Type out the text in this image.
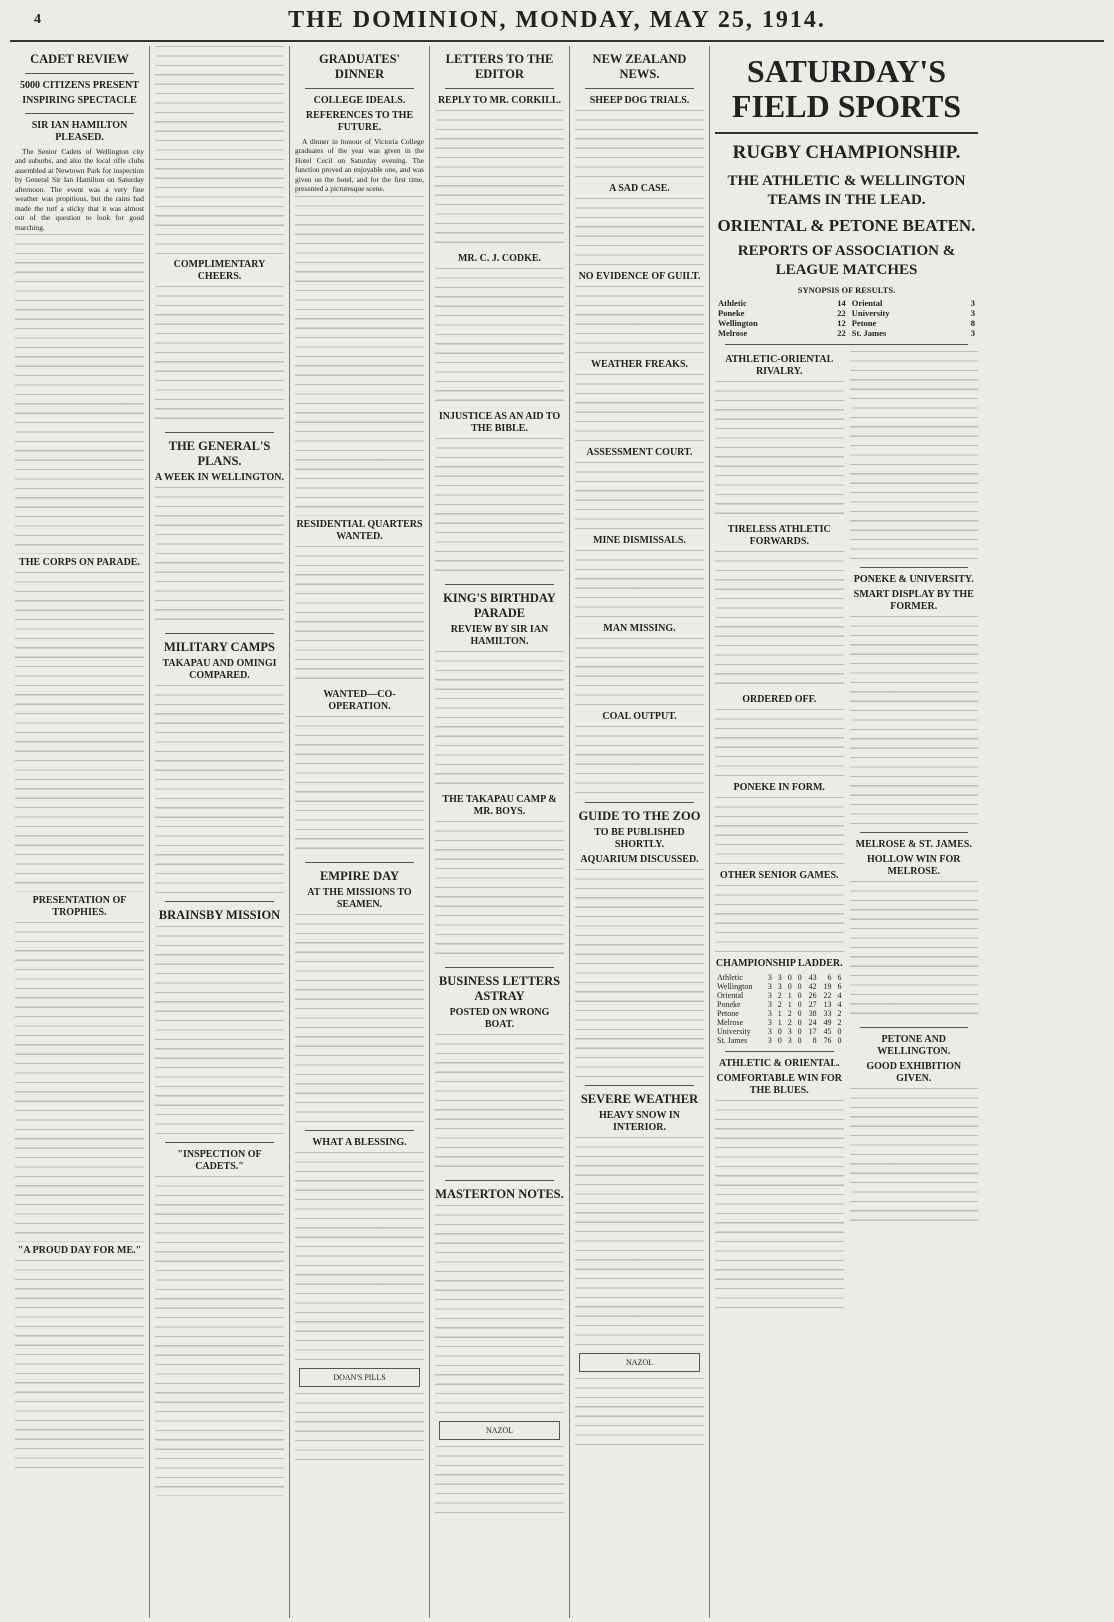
4	THE DOMINION, MONDAY, MAY 25, 1914.
CADET REVIEW
5000 CITIZENS PRESENT
INSPIRING SPECTACLE
SIR IAN HAMILTON PLEASED.

The Senior Cadets of Wellington city and suburbs, and also the local rifle clubs assembled at Newtown Park for inspection by General Sir Ian Hamilton on Saturday afternoon. The event was a very fine weather was propitious, but the rains had made the turf a sticky that it was almost out of the question to look for good marching.

THE CORPS ON PARADE.
PRESENTATION OF TROPHIES.
"A PROUD DAY FOR ME."
COMPLIMENTARY CHEERS.
THE GENERAL'S PLANS.
A WEEK IN WELLINGTON.
MILITARY CAMPS
TAKAPAU AND OMINGI COMPARED.
BRAINSBY MISSION
"INSPECTION OF CADETS."
GRADUATES' DINNER
COLLEGE IDEALS.
REFERENCES TO THE FUTURE.

A dinner in honour of Victoria College graduates of the year was given in the Hotel Cecil on Saturday evening. The function proved an enjoyable one, and was given on the hotel, and for the first time, presented a picturesque scene.

RESIDENTIAL QUARTERS WANTED.
WANTED—CO-OPERATION.
EMPIRE DAY
AT THE MISSIONS TO SEAMEN.
WHAT A BLESSING.
DOAN'S PILLS
LETTERS TO THE EDITOR
REPLY TO MR. CORKILL.
MR. C. J. CODKE.
INJUSTICE AS AN AID TO THE BIBLE.
KING'S BIRTHDAY PARADE
REVIEW BY SIR IAN HAMILTON.
THE TAKAPAU CAMP & MR. BOYS.
BUSINESS LETTERS ASTRAY
POSTED ON WRONG BOAT.
MASTERTON NOTES.
NAZOL
NEW ZEALAND NEWS.
SHEEP DOG TRIALS.
A SAD CASE.
NO EVIDENCE OF GUILT.
WEATHER FREAKS.
ASSESSMENT COURT.
MINE DISMISSALS.
MAN MISSING.
COAL OUTPUT.
GUIDE TO THE ZOO
TO BE PUBLISHED SHORTLY.
AQUARIUM DISCUSSED.
SEVERE WEATHER
HEAVY SNOW IN INTERIOR.
NAZOL
SATURDAY'S FIELD SPORTS
RUGBY CHAMPIONSHIP.
THE ATHLETIC & WELLINGTON TEAMS IN THE LEAD.
ORIENTAL & PETONE BEATEN.
REPORTS OF ASSOCIATION & LEAGUE MATCHES
SYNOPSIS OF RESULTS.
Athletic	14	Oriental	3
Poneke	22	University	3
Wellington	12	Petone	8
Melrose	22	St. James	3
ATHLETIC-ORIENTAL RIVALRY.
TIRELESS ATHLETIC FORWARDS.
ORDERED OFF.
PONEKE IN FORM.
OTHER SENIOR GAMES.
CHAMPIONSHIP LADDER.
Athletic	3	3	0	0	43	6	6
Wellington	3	3	0	0	42	19	6
Oriental	3	2	1	0	26	22	4
Poneke	3	2	1	0	27	13	4
Petone	3	1	2	0	38	33	2
Melrose	3	1	2	0	24	49	2
University	3	0	3	0	17	45	0
St. James	3	0	3	0	8	76	0
ATHLETIC & ORIENTAL.
COMFORTABLE WIN FOR THE BLUES.
PONEKE & UNIVERSITY.
SMART DISPLAY BY THE FORMER.
MELROSE & ST. JAMES.
HOLLOW WIN FOR MELROSE.
PETONE AND WELLINGTON.
GOOD EXHIBITION GIVEN.
